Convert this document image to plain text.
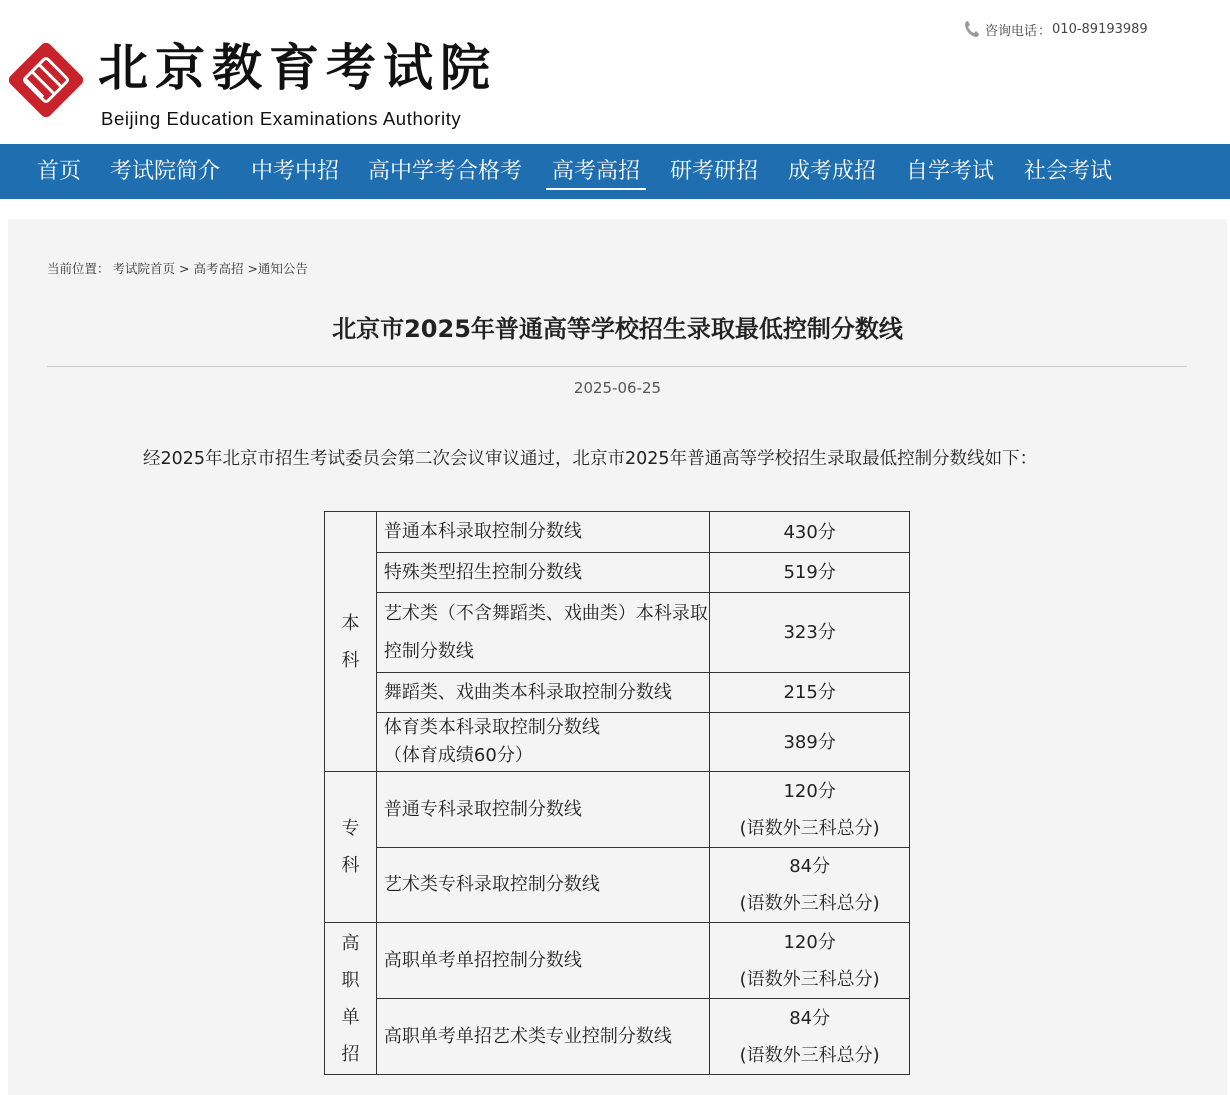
北京教育考试院
Beijing Education Examinations Authority
咨询电话 ： 010-89193989
首页 考试院简介 中考中招 高中学考合格考 高考高招 研考研招 成考成招 自学考试 社会考试
当前位置： 考试院首页 > 高考高招 >通知公告
北京市2025年普通高等学校招生录取最低控制分数线
2025-06-25
经2025年北京市招生考试委员会第二次会议审议通过，北京市2025年普通高等学校招生录取最低控制分数线如下：
本
科	普通本科录取控制分数线	430分

	特殊类型招生控制分数线	519分

	艺术类（不含舞蹈类、戏曲类）本科录取控制分数线	323分

	舞蹈类、戏曲类本科录取控制分数线	215分

	体育类本科录取控制分数线
（体育成绩60分）	389分

专
科	普通专科录取控制分数线	120分
(语数外三科总分)

	艺术类专科录取控制分数线	84分
(语数外三科总分)

高
职
单
招	高职单考单招控制分数线	120分
(语数外三科总分)

	高职单考单招艺术类专业控制分数线	84分
(语数外三科总分)
